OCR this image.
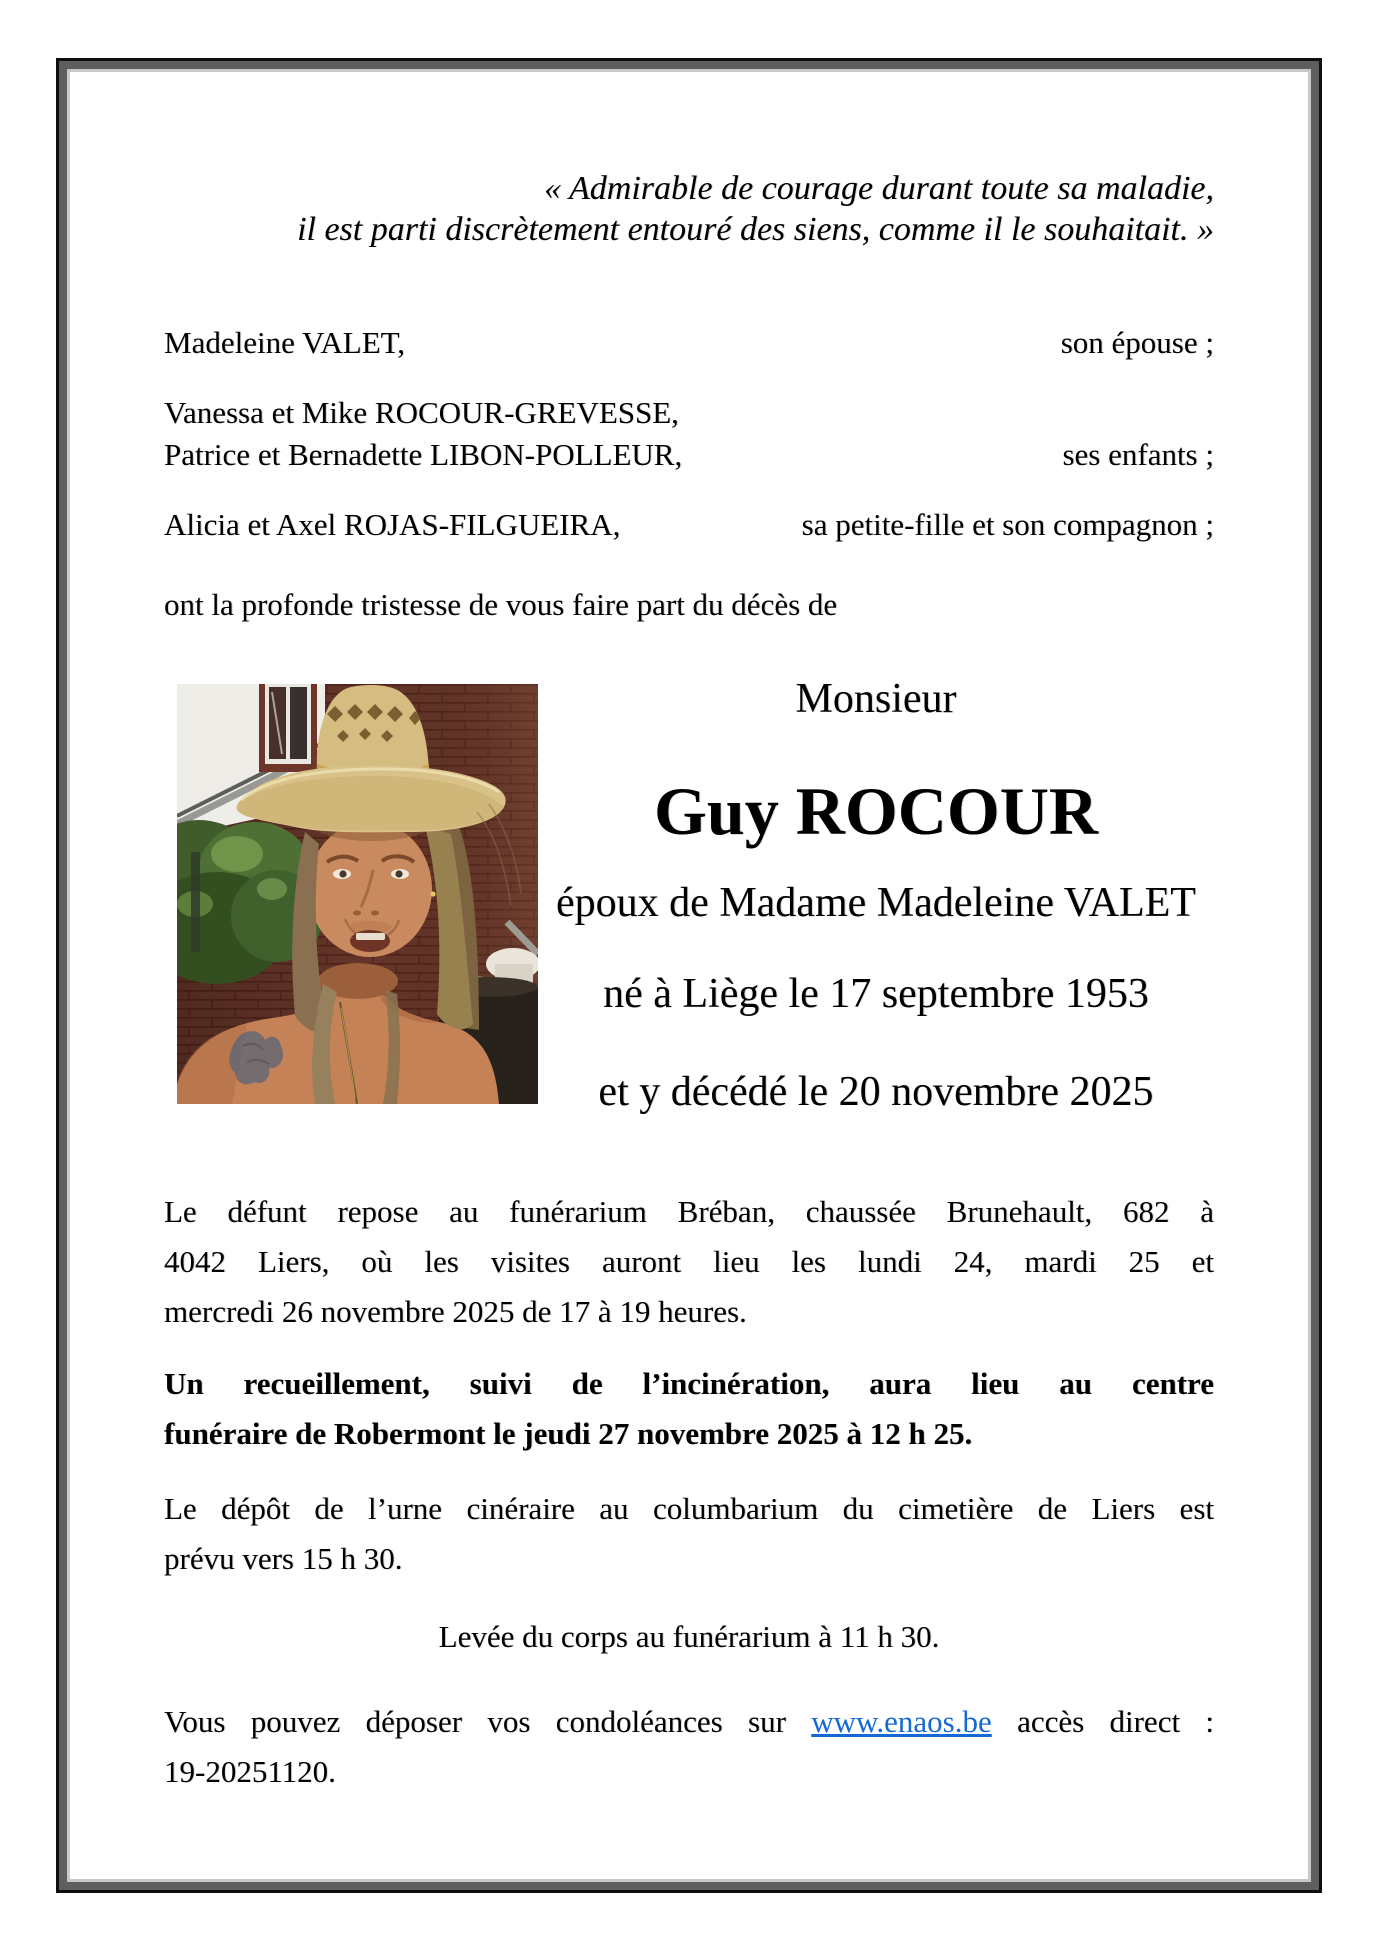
« Admirable de courage durant toute sa maladie,
il est parti discrètement entouré des siens, comme il le souhaitait. »
Madeleine VALET,	son épouse ;
Vanessa et Mike ROCOUR-GREVESSE,
Patrice et Bernadette LIBON-POLLEUR,	ses enfants ;
Alicia et Axel ROJAS-FILGUEIRA,	sa petite-fille et son compagnon ;
ont la profonde tristesse de vous faire part du décès de
Monsieur
Guy ROCOUR
époux de Madame Madeleine VALET
né à Liège le 17 septembre 1953
et y décédé le 20 novembre 2025

Le défunt repose au funérarium Bréban, chaussée Brunehault, 682 à
4042 Liers, où les visites auront lieu les lundi 24, mardi 25 et
mercredi 26 novembre 2025 de 17 à 19 heures.

Un recueillement, suivi de l’incinération, aura lieu au centre
funéraire de Robermont le jeudi 27 novembre 2025 à 12 h 25.

Le dépôt de l’urne cinéraire au columbarium du cimetière de Liers est
prévu vers 15 h 30.

Levée du corps au funérarium à 11 h 30.

Vous pouvez déposer vos condoléances sur www.enaos.be accès direct :
19-20251120.
